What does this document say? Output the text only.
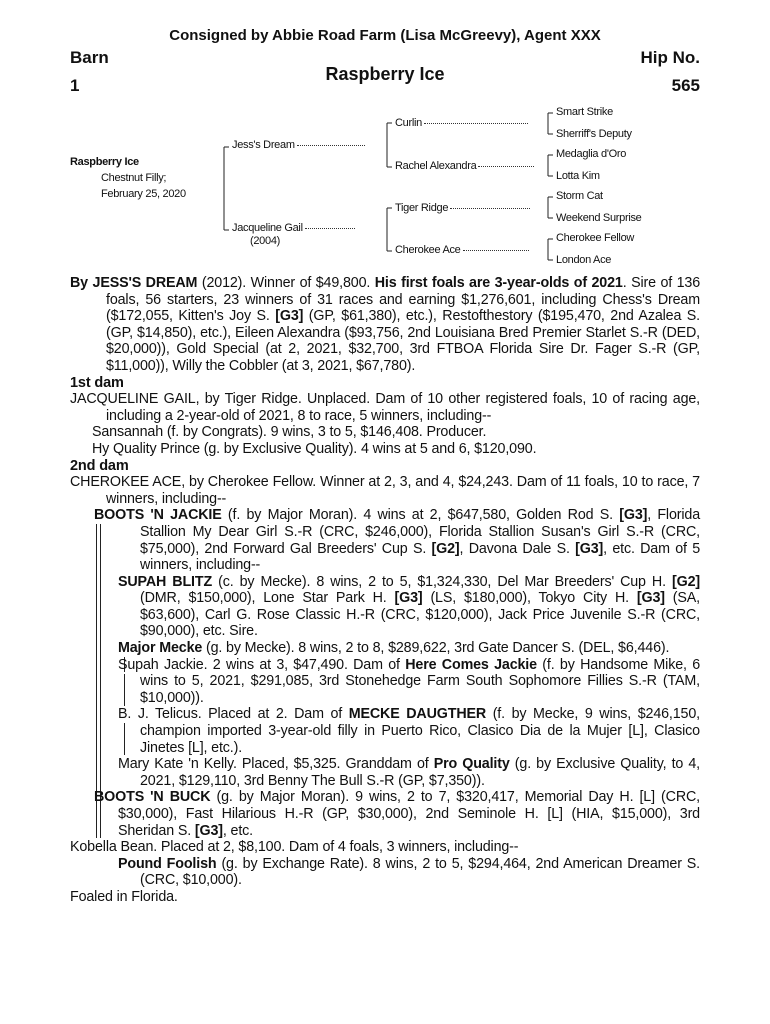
Consigned by Abbie Road Farm (Lisa McGreevy), Agent XXX
Barn
1
Raspberry Ice
Hip No.
565
Raspberry Ice
Chestnut Filly;
February 25, 2020
Jess's Dream
Jacqueline Gail
(2004)
Curlin
Rachel Alexandra
Tiger Ridge
Cherokee Ace
Smart Strike
Sherriff's Deputy
Medaglia d'Oro
Lotta Kim
Storm Cat
Weekend Surprise
Cherokee Fellow
London Ace
By JESS'S DREAM (2012). Winner of $49,800. His first foals are 3-year-olds of 2021. Sire of 136 foals, 56 starters, 23 winners of 31 races and earning $1,276,601, including Chess's Dream ($172,055, Kitten's Joy S. [G3] (GP, $61,380), etc.), Restofthestory ($195,470, 2nd Azalea S. (GP, $14,850), etc.), Eileen Alexandra ($93,756, 2nd Louisiana Bred Premier Starlet S.-R (DED, $20,000)), Gold Special (at 2, 2021, $32,700, 3rd FTBOA Florida Sire Dr. Fager S.-R (GP, $11,000)), Willy the Cobbler (at 3, 2021, $67,780).
1st dam
JACQUELINE GAIL, by Tiger Ridge. Unplaced. Dam of 10 other registered foals, 10 of racing age, including a 2-year-old of 2021, 8 to race, 5 winners, including--
Sansannah (f. by Congrats). 9 wins, 3 to 5, $146,408. Producer.
Hy Quality Prince (g. by Exclusive Quality). 4 wins at 5 and 6, $120,090.
2nd dam
CHEROKEE ACE, by Cherokee Fellow. Winner at 2, 3, and 4, $24,243. Dam of 11 foals, 10 to race, 7 winners, including--
BOOTS 'N JACKIE (f. by Major Moran). 4 wins at 2, $647,580, Golden Rod S. [G3], Florida Stallion My Dear Girl S.-R (CRC, $246,000), Florida Stallion Susan's Girl S.-R (CRC, $75,000), 2nd Forward Gal Breeders' Cup S. [G2], Davona Dale S. [G3], etc. Dam of 5 winners, including--
SUPAH BLITZ (c. by Mecke). 8 wins, 2 to 5, $1,324,330, Del Mar Breeders' Cup H. [G2] (DMR, $150,000), Lone Star Park H. [G3] (LS, $180,000), Tokyo City H. [G3] (SA, $63,600), Carl G. Rose Classic H.-R (CRC, $120,000), Jack Price Juvenile S.-R (CRC, $90,000), etc. Sire.
Major Mecke (g. by Mecke). 8 wins, 2 to 8, $289,622, 3rd Gate Dancer S. (DEL, $6,446).
Supah Jackie. 2 wins at 3, $47,490. Dam of Here Comes Jackie (f. by Handsome Mike, 6 wins to 5, 2021, $291,085, 3rd Stonehedge Farm South Sophomore Fillies S.-R (TAM, $10,000)).
B. J. Telicus. Placed at 2. Dam of MECKE DAUGTHER (f. by Mecke, 9 wins, $246,150, champion imported 3-year-old filly in Puerto Rico, Clasico Dia de la Mujer [L], Clasico Jinetes [L], etc.).
Mary Kate 'n Kelly. Placed, $5,325. Granddam of Pro Quality (g. by Exclusive Quality, to 4, 2021, $129,110, 3rd Benny The Bull S.-R (GP, $7,350)).
BOOTS 'N BUCK (g. by Major Moran). 9 wins, 2 to 7, $320,417, Memorial Day H. [L] (CRC, $30,000), Fast Hilarious H.-R (GP, $30,000), 2nd Seminole H. [L] (HIA, $15,000), 3rd Sheridan S. [G3], etc.
Kobella Bean. Placed at 2, $8,100. Dam of 4 foals, 3 winners, including--
Pound Foolish (g. by Exchange Rate). 8 wins, 2 to 5, $294,464, 2nd American Dreamer S. (CRC, $10,000).
Foaled in Florida.
